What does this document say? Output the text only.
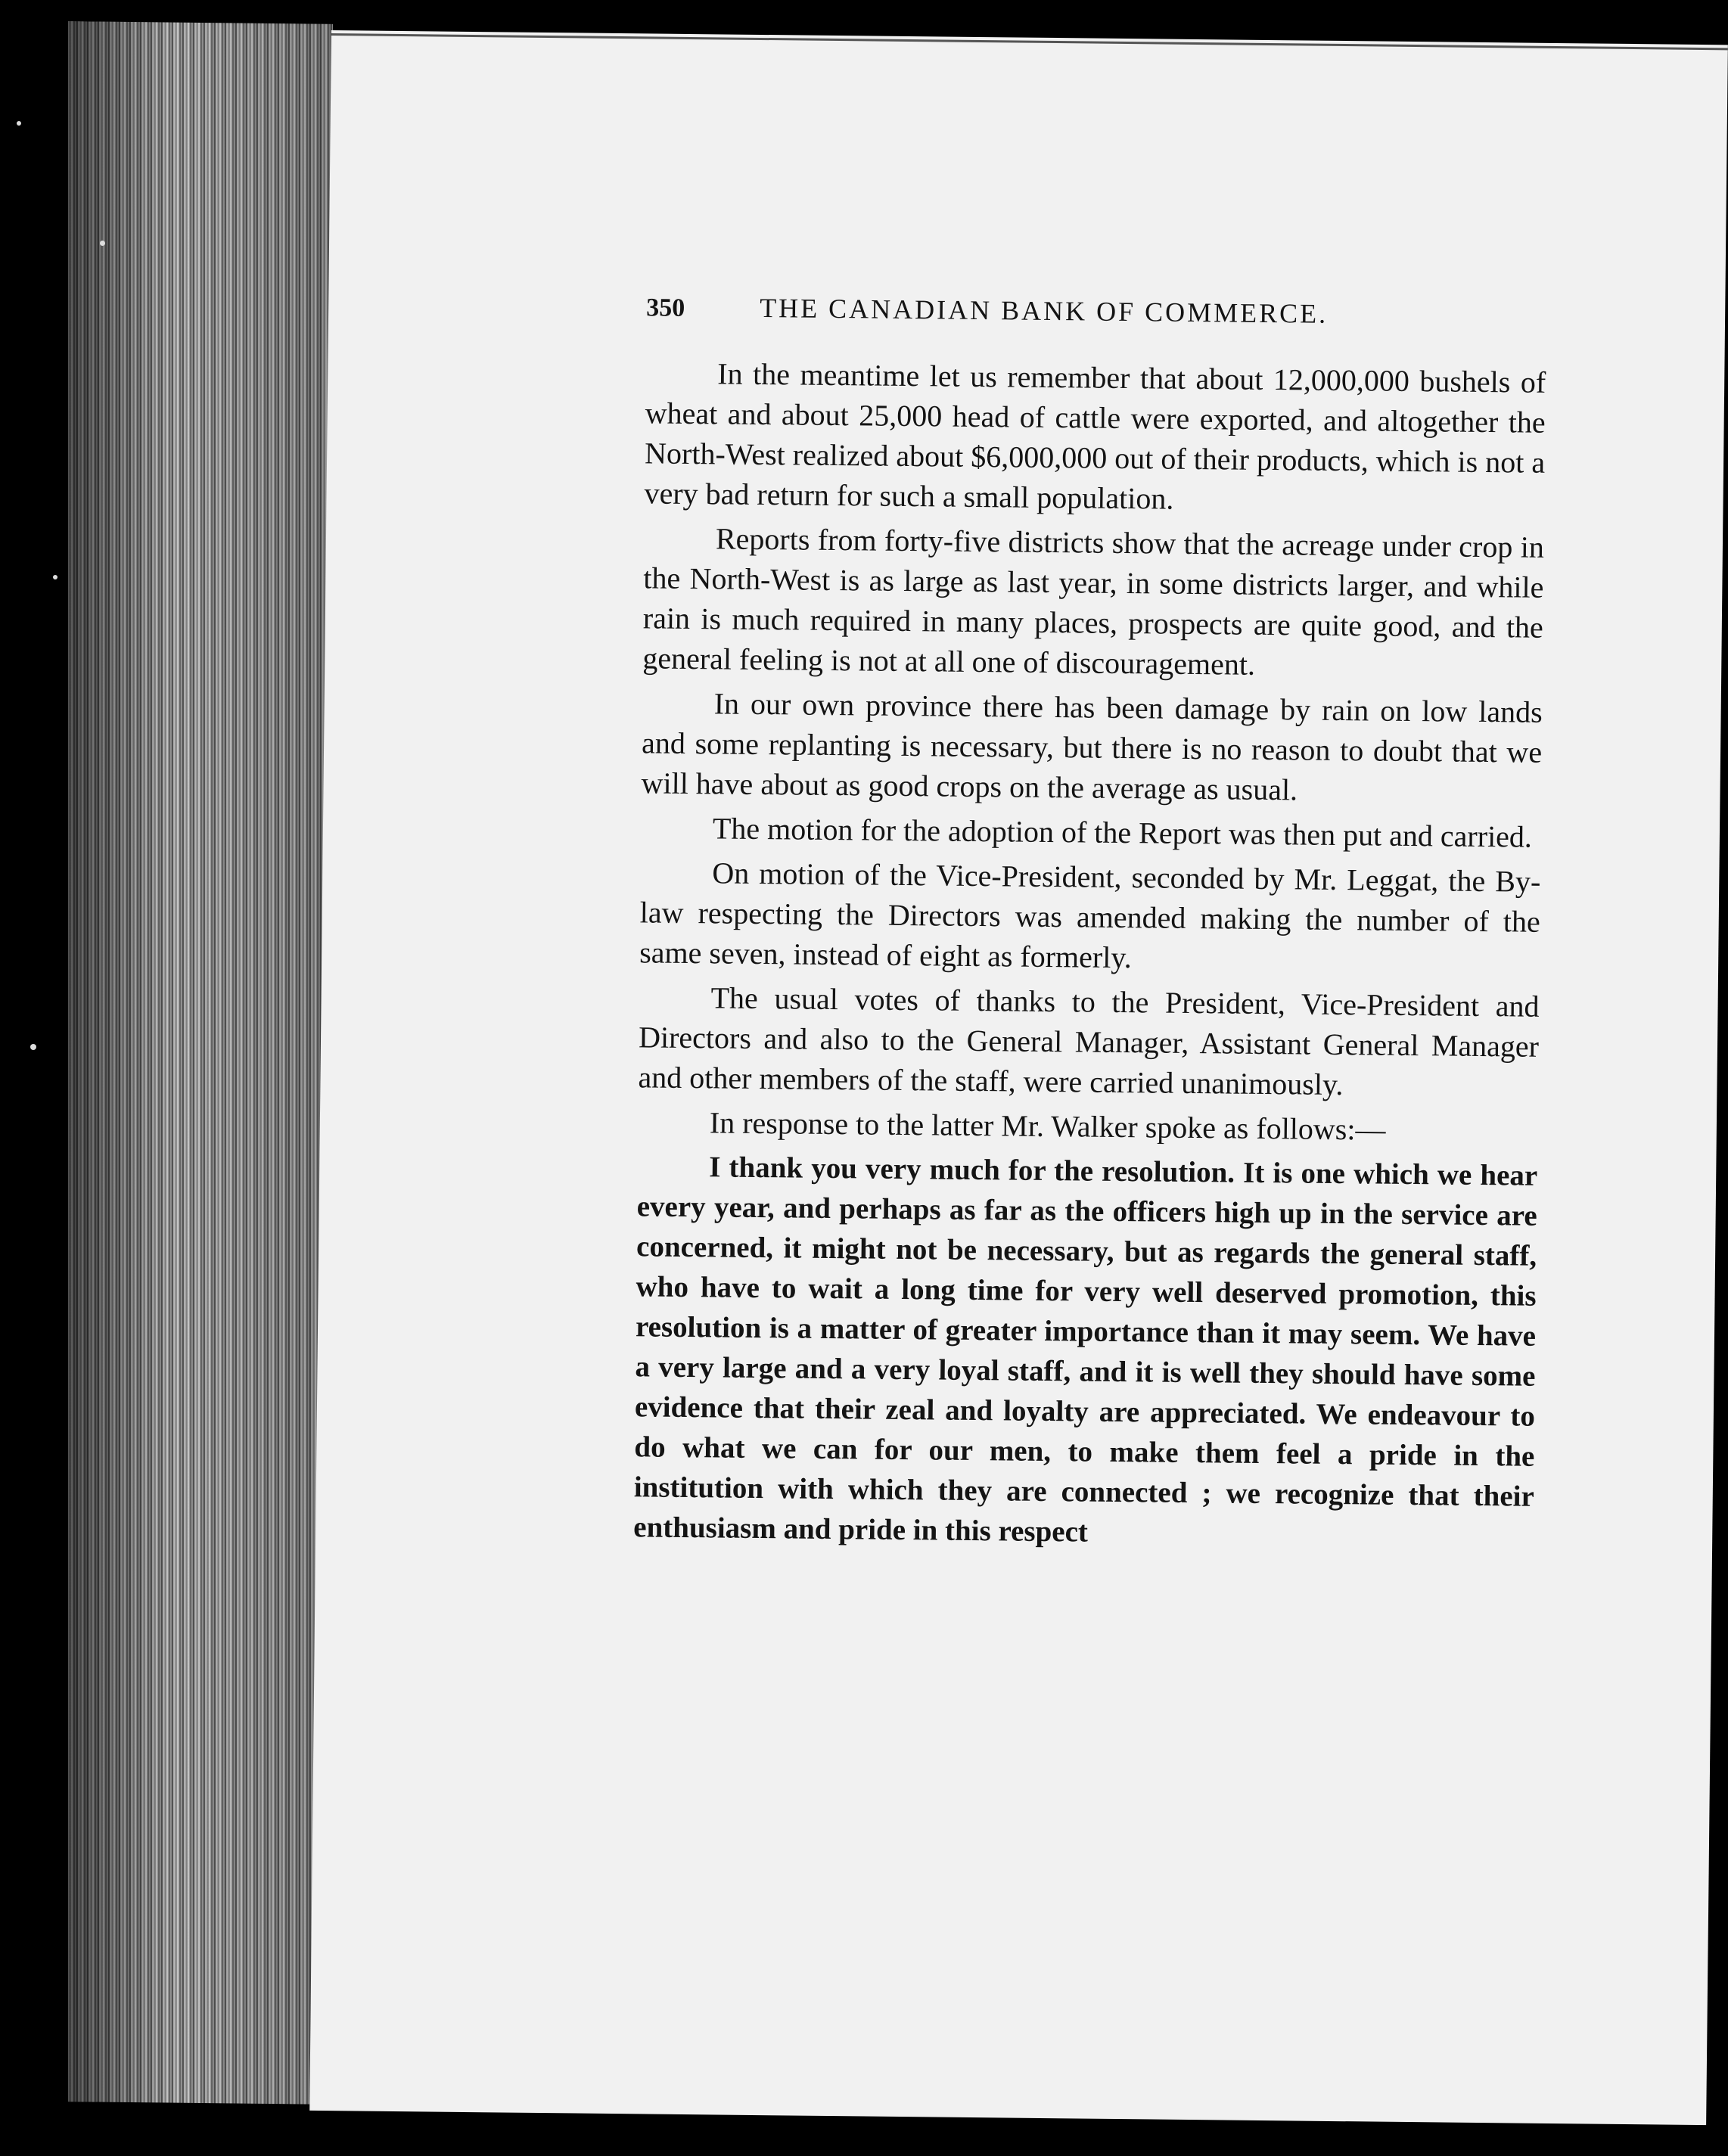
350	THE CANADIAN BANK OF COMMERCE.

In the meantime let us remember that about 12,000,000 bushels of wheat and about 25,000 head of cattle were exported, and altogether the North-West realized about $6,000,000 out of their products, which is not a very bad return for such a small population.

Reports from forty-five districts show that the acreage under crop in the North-West is as large as last year, in some districts larger, and while rain is much required in many places, prospects are quite good, and the general feeling is not at all one of discouragement.

In our own province there has been damage by rain on low lands and some replanting is necessary, but there is no reason to doubt that we will have about as good crops on the average as usual.

The motion for the adoption of the Report was then put and carried.

On motion of the Vice-President, seconded by Mr. Leggat, the By-law respecting the Directors was amended making the number of the same seven, instead of eight as formerly.

The usual votes of thanks to the President, Vice-President and Directors and also to the General Manager, Assistant General Manager and other members of the staff, were carried unanimously.

In response to the latter Mr. Walker spoke as follows:—

I thank you very much for the resolution. It is one which we hear every year, and perhaps as far as the officers high up in the service are concerned, it might not be necessary, but as regards the general staff, who have to wait a long time for very well deserved promotion, this resolution is a matter of greater importance than it may seem. We have a very large and a very loyal staff, and it is well they should have some evidence that their zeal and loyalty are appreciated. We endeavour to do what we can for our men, to make them feel a pride in the institution with which they are connected ; we recognize that their enthusiasm and pride in this respect
